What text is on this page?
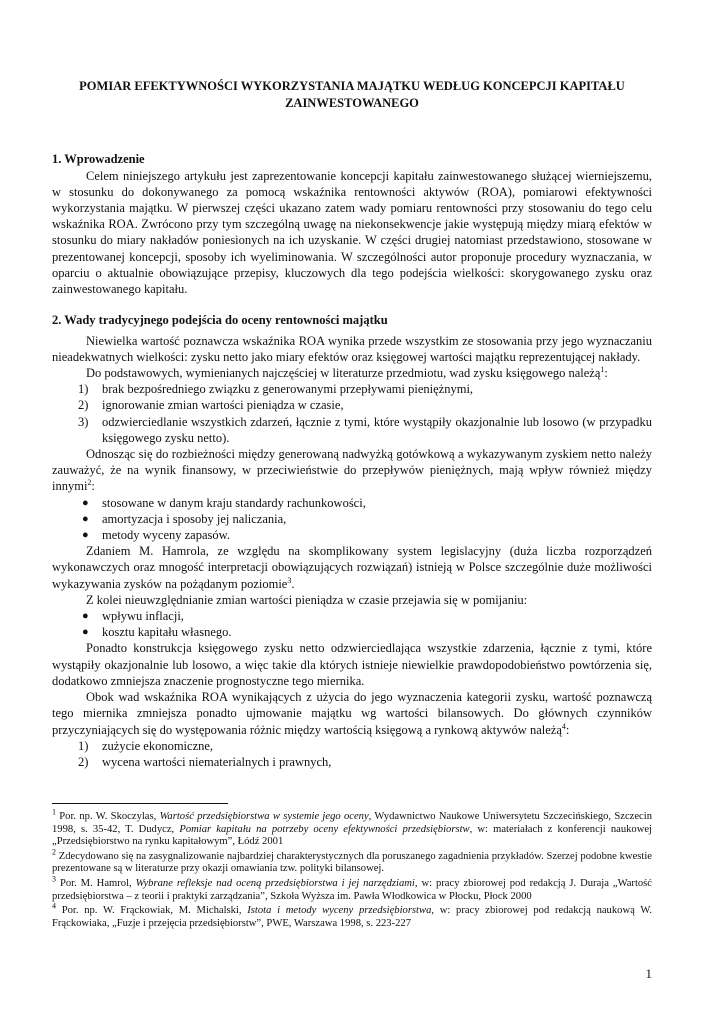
POMIAR EFEKTYWNOŚCI WYKORZYSTANIA MAJĄTKU WEDŁUG KONCEPCJI KAPITAŁU ZAINWESTOWANEGO
1. Wprowadzenie

Celem niniejszego artykułu jest zaprezentowanie koncepcji kapitału zainwestowanego służącej wierniejszemu, w stosunku do dokonywanego za pomocą wskaźnika rentowności aktywów (ROA), pomiarowi efektywności wykorzystania majątku. W pierwszej części ukazano zatem wady pomiaru rentowności przy stosowaniu do tego celu wskaźnika ROA. Zwrócono przy tym szczególną uwagę na niekonsekwencje jakie występują między miarą efektów w stosunku do miary nakładów poniesionych na ich uzyskanie. W części drugiej natomiast przedstawiono, stosowane w prezentowanej koncepcji, sposoby ich wyeliminowania. W szczególności autor proponuje procedury wyznaczania, w oparciu o aktualnie obowiązujące przepisy, kluczowych dla tego podejścia wielkości: skorygowanego zysku oraz zainwestowanego kapitału.

2. Wady tradycyjnego podejścia do oceny rentowności majątku

Niewielka wartość poznawcza wskaźnika ROA wynika przede wszystkim ze stosowania przy jego wyznaczaniu nieadekwatnych wielkości: zysku netto jako miary efektów oraz księgowej wartości majątku reprezentującej nakłady.

Do podstawowych, wymienianych najczęściej w literaturze przedmiotu, wad zysku księgowego należą$^1$:

1) brak bezpośredniego związku z generowanymi przepływami pieniężnymi,
2) ignorowanie zmian wartości pieniądza w czasie,
3) odzwierciedlanie wszystkich zdarzeń, łącznie z tymi, które wystąpiły okazjonalnie lub losowo (w przypadku księgowego zysku netto).

Odnosząc się do rozbieżności między generowaną nadwyżką gotówkową a wykazywanym zyskiem netto należy zauważyć, że na wynik finansowy, w przeciwieństwie do przepływów pieniężnych, mają wpływ również między innymi$^2$:

● stosowane w danym kraju standardy rachunkowości,
● amortyzacja i sposoby jej naliczania,
● metody wyceny zapasów.

Zdaniem M. Hamrola, ze względu na skomplikowany system legislacyjny (duża liczba rozporządzeń wykonawczych oraz mnogość interpretacji obowiązujących rozwiązań) istnieją w Polsce szczególnie duże możliwości wykazywania zysków na pożądanym poziomie$^3$.

Z kolei nieuwzględnianie zmian wartości pieniądza w czasie przejawia się w pomijaniu:

● wpływu inflacji,
● kosztu kapitału własnego.

Ponadto konstrukcja księgowego zysku netto odzwierciedlająca wszystkie zdarzenia, łącznie z tymi, które wystąpiły okazjonalnie lub losowo, a więc takie dla których istnieje niewielkie prawdopodobieństwo powtórzenia się, dodatkowo zmniejsza znaczenie prognostyczne tego miernika.

Obok wad wskaźnika ROA wynikających z użycia do jego wyznaczenia kategorii zysku, wartość poznawczą tego miernika zmniejsza ponadto ujmowanie majątku wg wartości bilansowych. Do głównych czynników przyczyniających się do występowania różnic między wartością księgową a rynkową aktywów należą$^4$:

1) zużycie ekonomiczne,
2) wycena wartości niematerialnych i prawnych,

$^1$ Por. np. W. Skoczylas, Wartość przedsiębiorstwa w systemie jego oceny, Wydawnictwo Naukowe Uniwersytetu Szczecińskiego, Szczecin 1998, s. 35-42, T. Dudycz, Pomiar kapitału na potrzeby oceny efektywności przedsiębiorstw, w: materiałach z konferencji naukowej „Przedsiębiorstwo na rynku kapitałowym”, Łódź 2001

$^2$ Zdecydowano się na zasygnalizowanie najbardziej charakterystycznych dla poruszanego zagadnienia przykładów. Szerzej podobne kwestie prezentowane są w literaturze przy okazji omawiania tzw. polityki bilansowej.

$^3$ Por. M. Hamrol, Wybrane refleksje nad oceną przedsiębiorstwa i jej narzędziami, w: pracy zbiorowej pod redakcją J. Duraja „Wartość przedsiębiorstwa – z teorii i praktyki zarządzania”, Szkoła Wyższa im. Pawła Włodkowica w Płocku, Płock 2000

$^4$ Por. np. W. Frąckowiak, M. Michalski, Istota i metody wyceny przedsiębiorstwa, w: pracy zbiorowej pod redakcją naukową W. Frąckowiaka, „Fuzje i przejęcia przedsiębiorstw”, PWE, Warszawa 1998, s. 223-227

1
